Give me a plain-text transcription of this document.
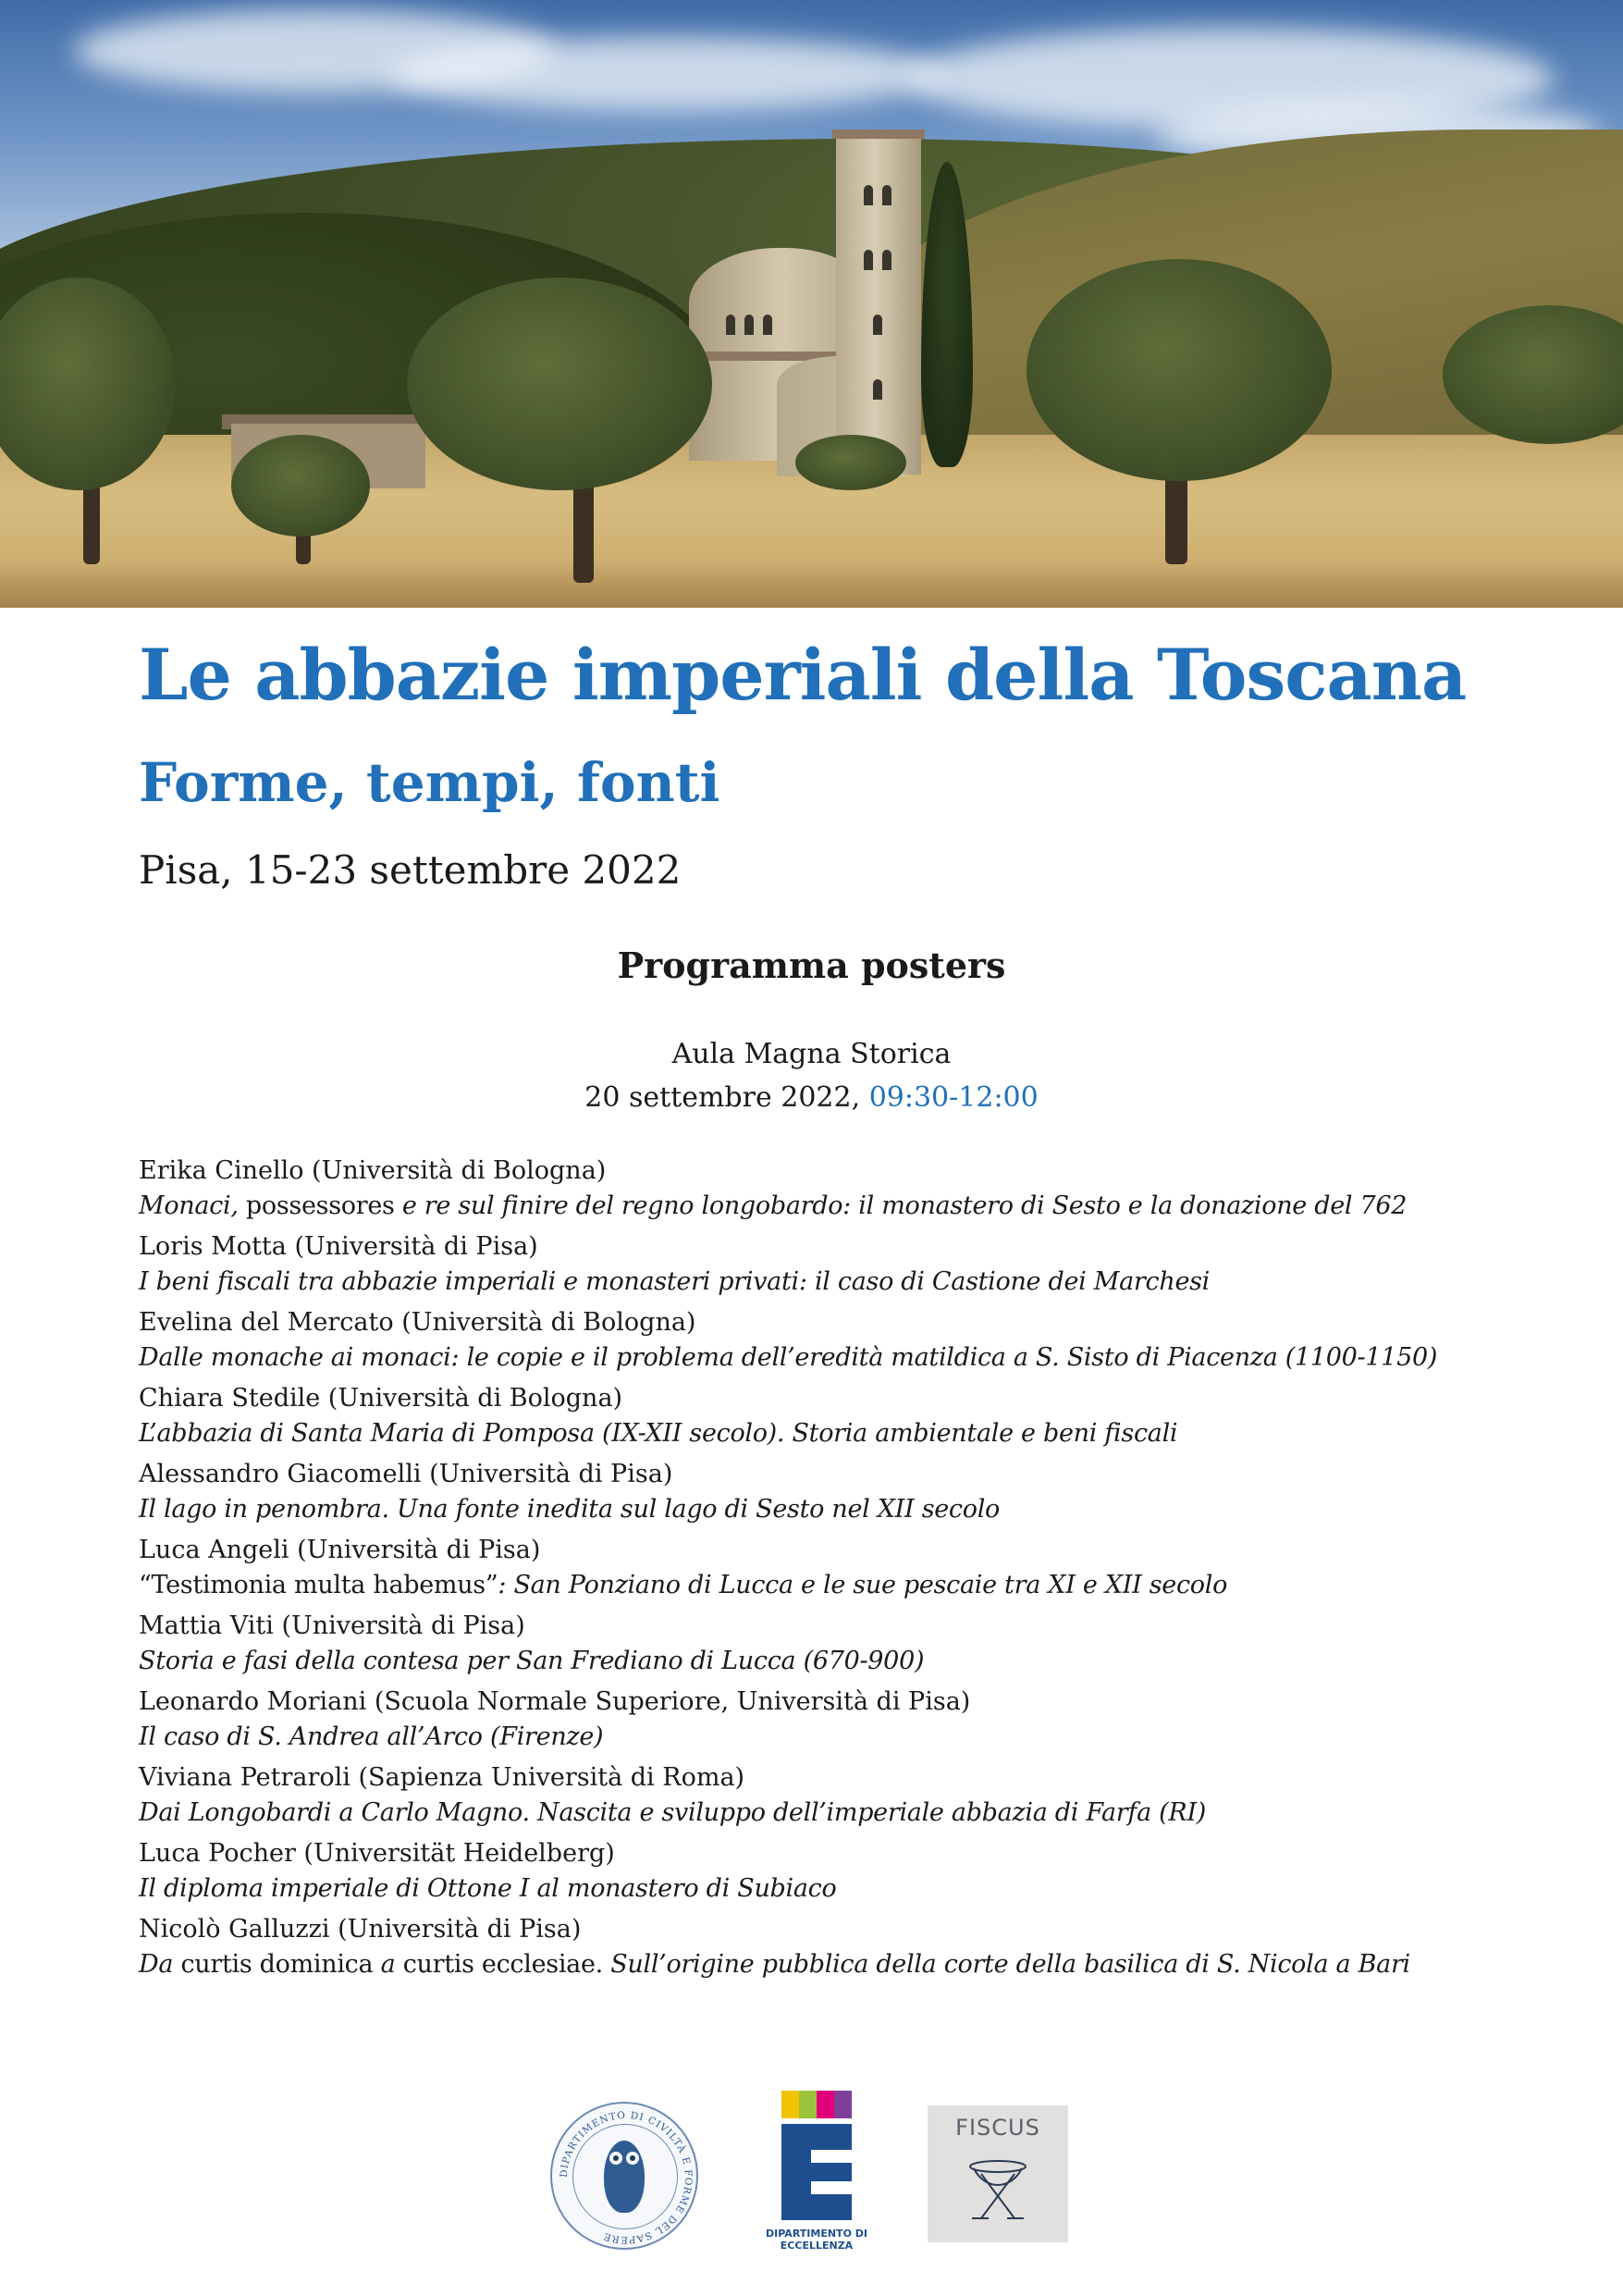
Le abbazie imperiali della Toscana
Forme, tempi, fonti
Pisa, 15-23 settembre 2022
Programma posters
Aula Magna Storica
20 settembre 2022, 09:30-12:00
Erika Cinello (Università di Bologna)
Monaci, possessores e re sul finire del regno longobardo: il monastero di Sesto e la donazione del 762
Loris Motta (Università di Pisa)
I beni fiscali tra abbazie imperiali e monasteri privati: il caso di Castione dei Marchesi
Evelina del Mercato (Università di Bologna)
Dalle monache ai monaci: le copie e il problema dell’eredità matildica a S. Sisto di Piacenza (1100-1150)
Chiara Stedile (Università di Bologna)
L’abbazia di Santa Maria di Pomposa (IX-XII secolo). Storia ambientale e beni fiscali
Alessandro Giacomelli (Università di Pisa)
Il lago in penombra. Una fonte inedita sul lago di Sesto nel XII secolo
Luca Angeli (Università di Pisa)
“Testimonia multa habemus”: San Ponziano di Lucca e le sue pescaie tra XI e XII secolo
Mattia Viti (Università di Pisa)
Storia e fasi della contesa per San Frediano di Lucca (670-900)
Leonardo Moriani (Scuola Normale Superiore, Università di Pisa)
Il caso di S. Andrea all’Arco (Firenze)
Viviana Petraroli (Sapienza Università di Roma)
Dai Longobardi a Carlo Magno. Nascita e sviluppo dell’imperiale abbazia di Farfa (RI)
Luca Pocher (Universität Heidelberg)
Il diploma imperiale di Ottone I al monastero di Subiaco
Nicolò Galluzzi (Università di Pisa)
Da curtis dominica a curtis ecclesiae. Sull’origine pubblica della corte della basilica di S. Nicola a Bari
DIPARTIMENTO DI CIVILTÀ E FORME DEL SAPERE	DIPARTIMENTO DI
ECCELLENZA
FISCUS
